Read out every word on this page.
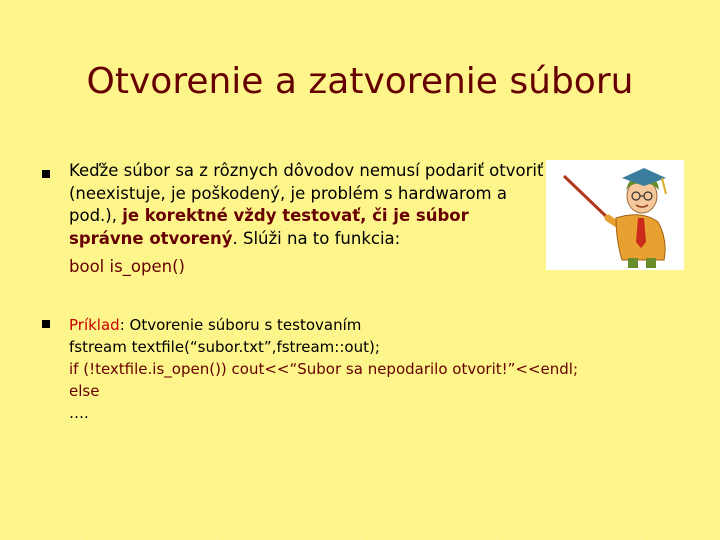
Otvorenie a zatvorenie súboru
Keďže súbor sa z rôznych dôvodov nemusí podariť otvoriť (neexistuje, je poškodený, je problém s hardwarom a pod.), je korektné vždy testovať, či je súbor správne otvorený. Slúži na to funkcia:
bool is_open()
Príklad: Otvorenie súboru s testovaním
fstream textfile(“subor.txt”,fstream::out);
if (!textfile.is_open()) cout<<“Subor sa nepodarilo otvorit!”<<endl;
else
….
